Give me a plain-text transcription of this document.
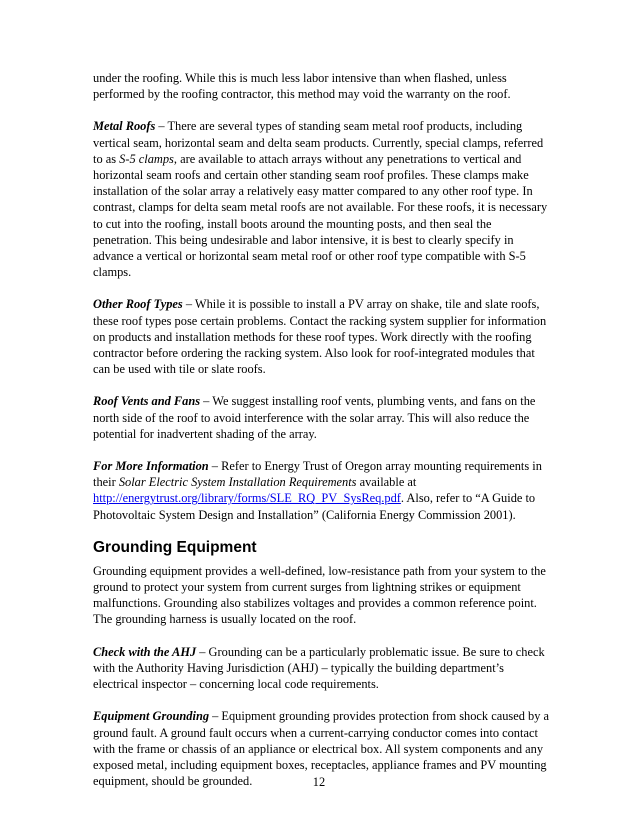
under the roofing. While this is much less labor intensive than when flashed, unless performed by the roofing contractor, this method may void the warranty on the roof.

Metal Roofs – There are several types of standing seam metal roof products, including vertical seam, horizontal seam and delta seam products. Currently, special clamps, referred to as S-5 clamps, are available to attach arrays without any penetrations to vertical and horizontal seam roofs and certain other standing seam roof profiles. These clamps make installation of the solar array a relatively easy matter compared to any other roof type. In contrast, clamps for delta seam metal roofs are not available. For these roofs, it is necessary to cut into the roofing, install boots around the mounting posts, and then seal the penetration. This being undesirable and labor intensive, it is best to clearly specify in advance a vertical or horizontal seam metal roof or other roof type compatible with S-5 clamps.

Other Roof Types – While it is possible to install a PV array on shake, tile and slate roofs, these roof types pose certain problems. Contact the racking system supplier for information on products and installation methods for these roof types. Work directly with the roofing contractor before ordering the racking system. Also look for roof-integrated modules that can be used with tile or slate roofs.

Roof Vents and Fans – We suggest installing roof vents, plumbing vents, and fans on the north side of the roof to avoid interference with the solar array. This will also reduce the potential for inadvertent shading of the array.

For More Information – Refer to Energy Trust of Oregon array mounting requirements in their Solar Electric System Installation Requirements available at http://energytrust.org/library/forms/SLE_RQ_PV_SysReq.pdf. Also, refer to “A Guide to Photovoltaic System Design and Installation” (California Energy Commission 2001).

Grounding Equipment

Grounding equipment provides a well-defined, low-resistance path from your system to the ground to protect your system from current surges from lightning strikes or equipment malfunctions. Grounding also stabilizes voltages and provides a common reference point. The grounding harness is usually located on the roof.

Check with the AHJ – Grounding can be a particularly problematic issue. Be sure to check with the Authority Having Jurisdiction (AHJ) – typically the building department’s electrical inspector – concerning local code requirements.

Equipment Grounding – Equipment grounding provides protection from shock caused by a ground fault. A ground fault occurs when a current-carrying conductor comes into contact with the frame or chassis of an appliance or electrical box. All system components and any exposed metal, including equipment boxes, receptacles, appliance frames and PV mounting equipment, should be grounded.	12
